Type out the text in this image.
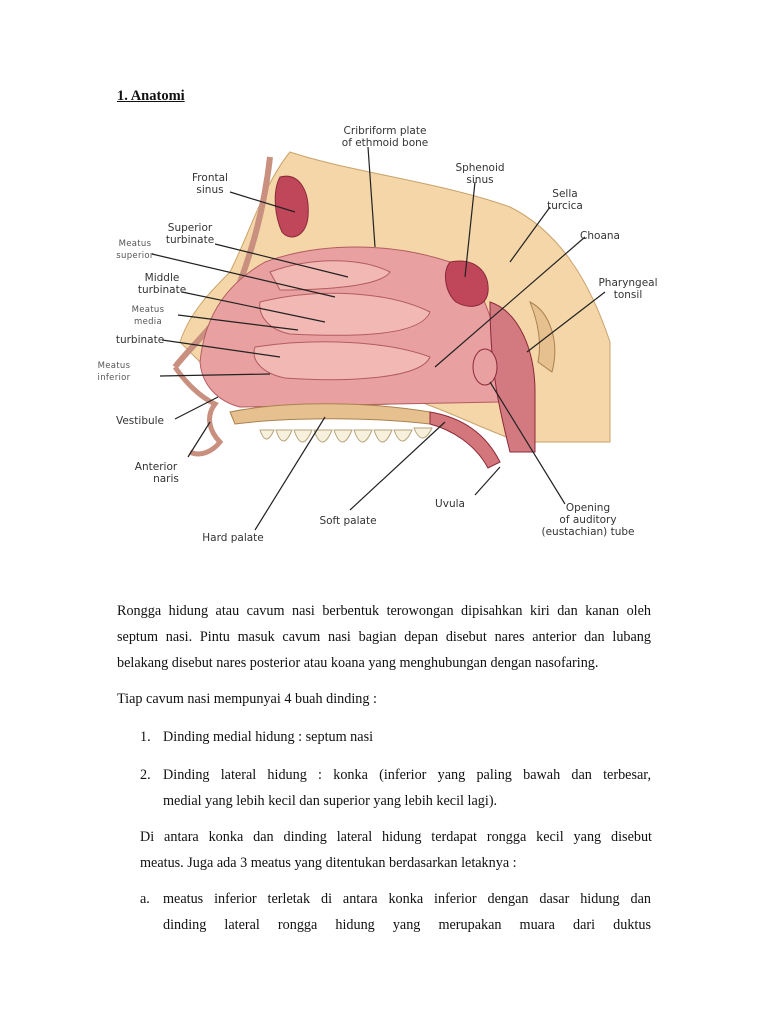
1. Anatomi
Cribriform plate
of ethmoid bone
Frontal
sinus
Sphenoid
sinus
Sella
turcica
Choana
Superior
turbinate
Meatus
superior
Middle
turbinate
Meatus
media
turbinate
Meatus
inferior
Pharyngeal
tonsil
Vestibule
Anterior
naris
Uvula
Soft palate
Hard palate
Opening
of auditory
(eustachian) tube
Rongga hidung atau cavum nasi berbentuk terowongan dipisahkan kiri dan kanan oleh
septum nasi. Pintu masuk cavum nasi bagian depan disebut nares anterior dan lubang
belakang disebut nares posterior atau koana yang menghubungan dengan nasofaring.
Tiap cavum nasi mempunyai 4 buah dinding :
1. Dinding medial hidung : septum nasi
2. Dinding lateral hidung : konka (inferior yang paling bawah dan terbesar,
medial yang lebih kecil dan superior yang lebih kecil lagi).
Di antara konka dan dinding lateral hidung terdapat rongga kecil yang disebut
meatus. Juga ada 3 meatus yang ditentukan berdasarkan letaknya :
a. meatus inferior terletak di antara konka inferior dengan dasar hidung dan
dinding lateral rongga hidung yang merupakan muara dari duktus
